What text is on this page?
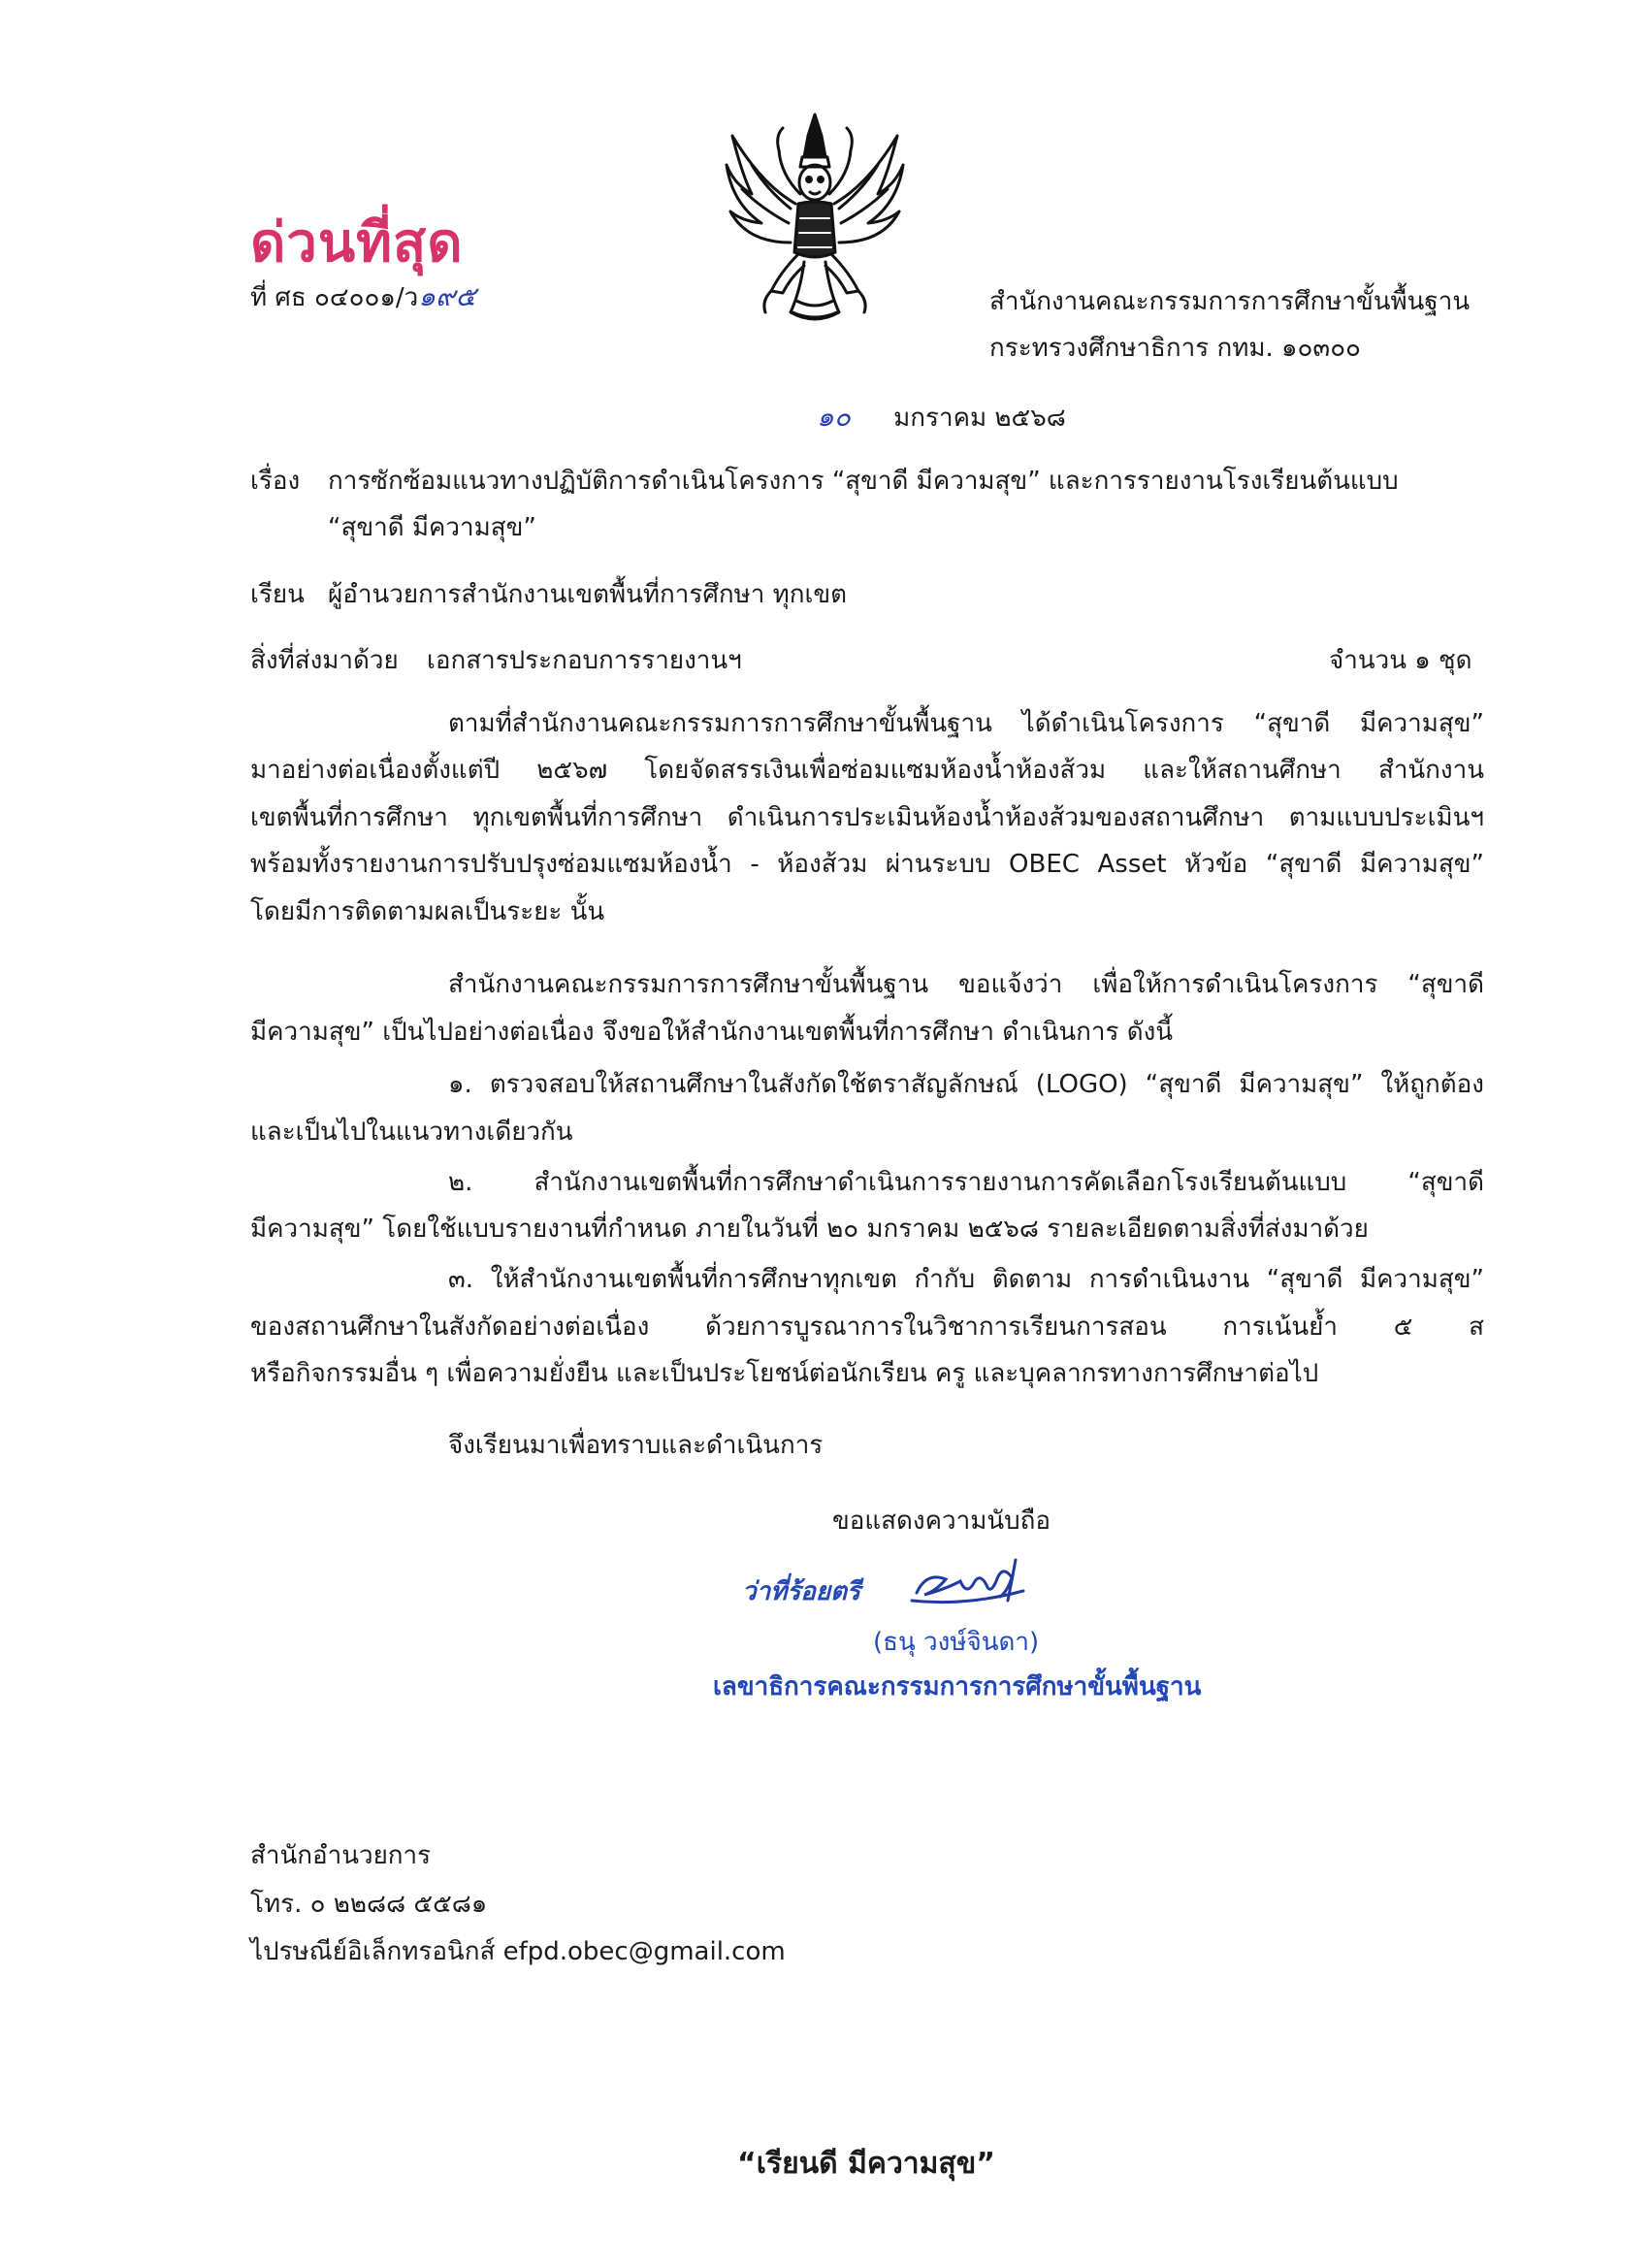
ด่วนที่สุด
ที่ ศธ ๐๔๐๐๑/ว๑๙๕	สำนักงานคณะกรรมการการศึกษาขั้นพื้นฐาน
กระทรวงศึกษาธิการ กทม. ๑๐๓๐๐
๑๐ มกราคม ๒๕๖๘
เรื่อง การซักซ้อมแนวทางปฏิบัติการดำเนินโครงการ “สุขาดี มีความสุข” และการรายงานโรงเรียนต้นแบบ
“สุขาดี มีความสุข”
เรียน ผู้อำนวยการสำนักงานเขตพื้นที่การศึกษา ทุกเขต
สิ่งที่ส่งมาด้วย เอกสารประกอบการรายงานฯ	จำนวน ๑ ชุด
ตามที่สำนักงานคณะกรรมการการศึกษาขั้นพื้นฐาน ได้ดำเนินโครงการ “สุขาดี มีความสุข”
มาอย่างต่อเนื่องตั้งแต่ปี ๒๕๖๗ โดยจัดสรรเงินเพื่อซ่อมแซมห้องน้ำห้องส้วม และให้สถานศึกษา สำนักงาน
เขตพื้นที่การศึกษา ทุกเขตพื้นที่การศึกษา ดำเนินการประเมินห้องน้ำห้องส้วมของสถานศึกษา ตามแบบประเมินฯ
พร้อมทั้งรายงานการปรับปรุงซ่อมแซมห้องน้ำ - ห้องส้วม ผ่านระบบ OBEC Asset หัวข้อ “สุขาดี มีความสุข”
โดยมีการติดตามผลเป็นระยะ นั้น
สำนักงานคณะกรรมการการศึกษาขั้นพื้นฐาน ขอแจ้งว่า เพื่อให้การดำเนินโครงการ “สุขาดี
มีความสุข” เป็นไปอย่างต่อเนื่อง จึงขอให้สำนักงานเขตพื้นที่การศึกษา ดำเนินการ ดังนี้
๑. ตรวจสอบให้สถานศึกษาในสังกัดใช้ตราสัญลักษณ์ (LOGO) “สุขาดี มีความสุข” ให้ถูกต้อง
และเป็นไปในแนวทางเดียวกัน
๒. สำนักงานเขตพื้นที่การศึกษาดำเนินการรายงานการคัดเลือกโรงเรียนต้นแบบ “สุขาดี
มีความสุข” โดยใช้แบบรายงานที่กำหนด ภายในวันที่ ๒๐ มกราคม ๒๕๖๘ รายละเอียดตามสิ่งที่ส่งมาด้วย
๓. ให้สำนักงานเขตพื้นที่การศึกษาทุกเขต กำกับ ติดตาม การดำเนินงาน “สุขาดี มีความสุข”
ของสถานศึกษาในสังกัดอย่างต่อเนื่อง ด้วยการบูรณาการในวิชาการเรียนการสอน การเน้นย้ำ ๕ ส
หรือกิจกรรมอื่น ๆ เพื่อความยั่งยืน และเป็นประโยชน์ต่อนักเรียน ครู และบุคลากรทางการศึกษาต่อไป
จึงเรียนมาเพื่อทราบและดำเนินการ
ขอแสดงความนับถือ
ว่าที่ร้อยตรี
(ธนุ วงษ์จินดา)
เลขาธิการคณะกรรมการการศึกษาขั้นพื้นฐาน
สำนักอำนวยการ
โทร. ๐ ๒๒๘๘ ๕๕๘๑
ไปรษณีย์อิเล็กทรอนิกส์ efpd.obec@gmail.com
“เรียนดี มีความสุข”
